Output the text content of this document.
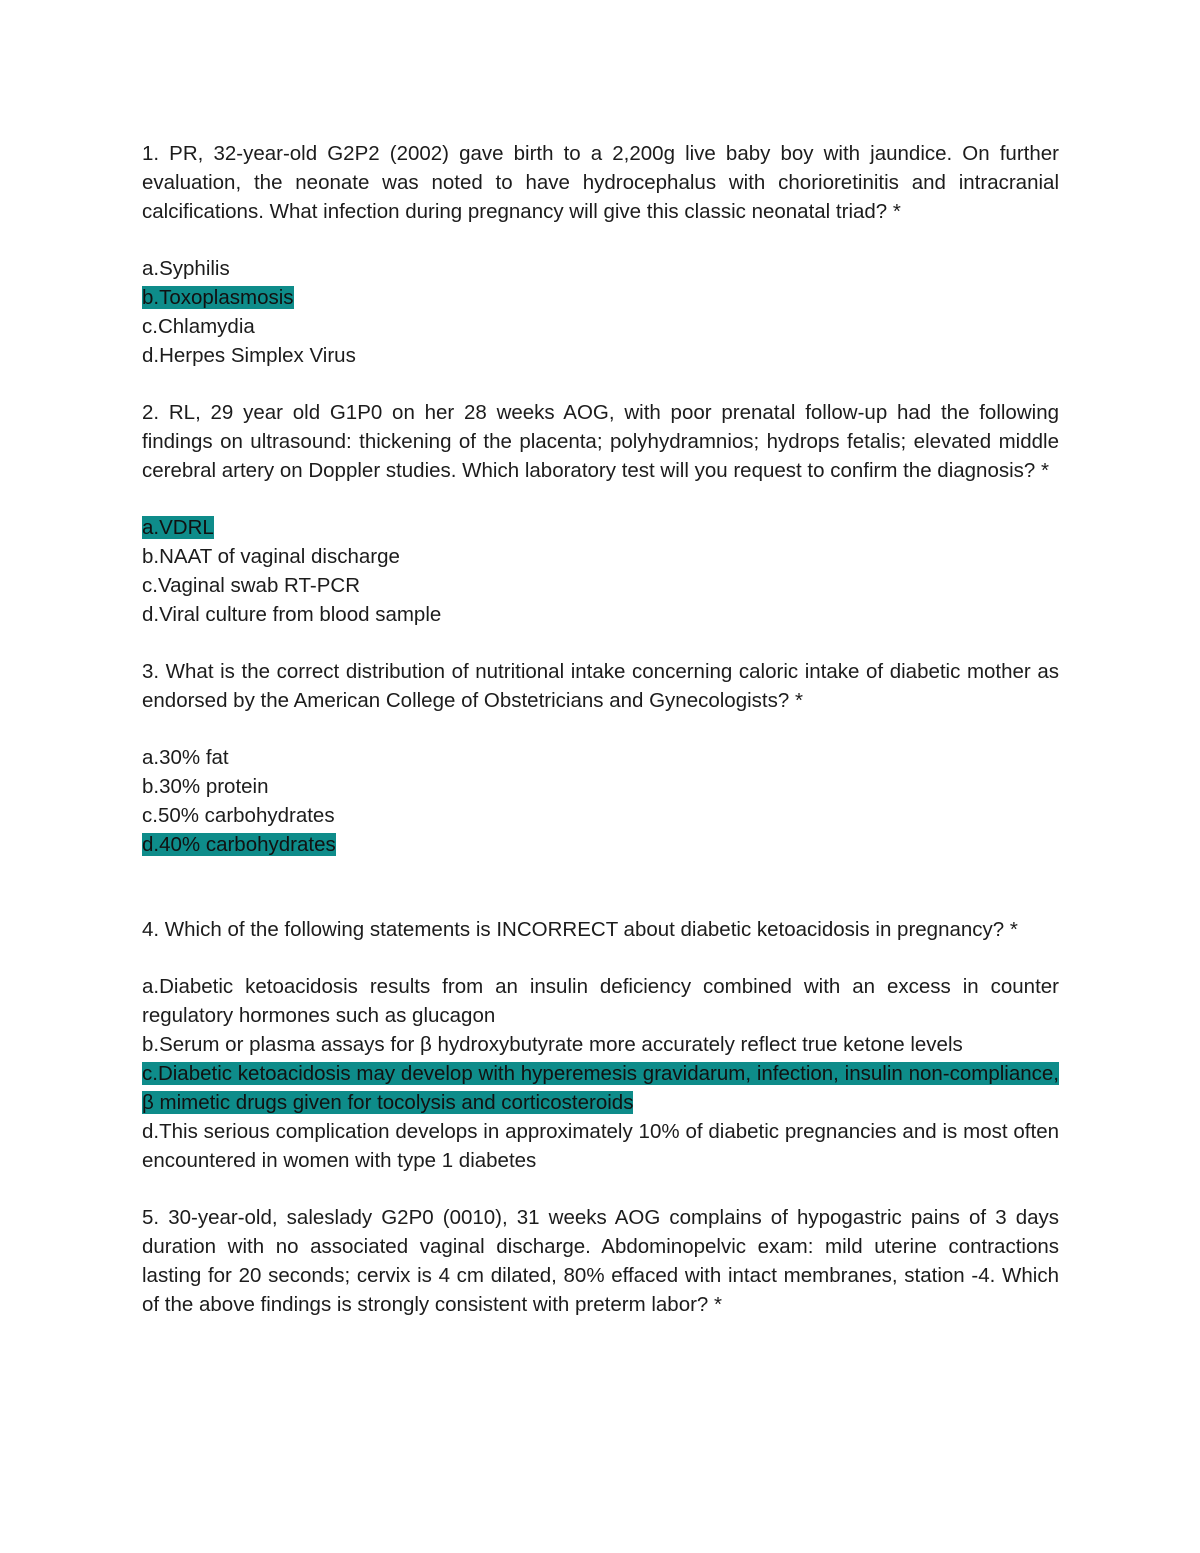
1. PR, 32-year-old G2P2 (2002) gave birth to a 2,200g live baby boy with jaundice. On further evaluation, the neonate was noted to have hydrocephalus with chorioretinitis and intracranial calcifications. What infection during pregnancy will give this classic neonatal triad? *

a.Syphilis

b.Toxoplasmosis

c.Chlamydia

d.Herpes Simplex Virus

2. RL, 29 year old G1P0 on her 28 weeks AOG, with poor prenatal follow-up had the following findings on ultrasound: thickening of the placenta; polyhydramnios; hydrops fetalis; elevated middle cerebral artery on Doppler studies. Which laboratory test will you request to confirm the diagnosis? *

a.VDRL

b.NAAT of vaginal discharge

c.Vaginal swab RT-PCR

d.Viral culture from blood sample

3. What is the correct distribution of nutritional intake concerning caloric intake of diabetic mother as endorsed by the American College of Obstetricians and Gynecologists? *

a.30% fat

b.30% protein

c.50% carbohydrates

d.40% carbohydrates

4. Which of the following statements is INCORRECT about diabetic ketoacidosis in pregnancy? *

a.Diabetic ketoacidosis results from an insulin deficiency combined with an excess in counter regulatory hormones such as glucagon

b.Serum or plasma assays for β hydroxybutyrate more accurately reflect true ketone levels

c.Diabetic ketoacidosis may develop with hyperemesis gravidarum, infection, insulin non-compliance, β mimetic drugs given for tocolysis and corticosteroids

d.This serious complication develops in approximately 10% of diabetic pregnancies and is most often encountered in women with type 1 diabetes

5. 30-year-old, saleslady G2P0 (0010), 31 weeks AOG complains of hypogastric pains of 3 days duration with no associated vaginal discharge. Abdominopelvic exam: mild uterine contractions lasting for 20 seconds; cervix is 4 cm dilated, 80% effaced with intact membranes, station -4. Which of the above findings is strongly consistent with preterm labor? *
